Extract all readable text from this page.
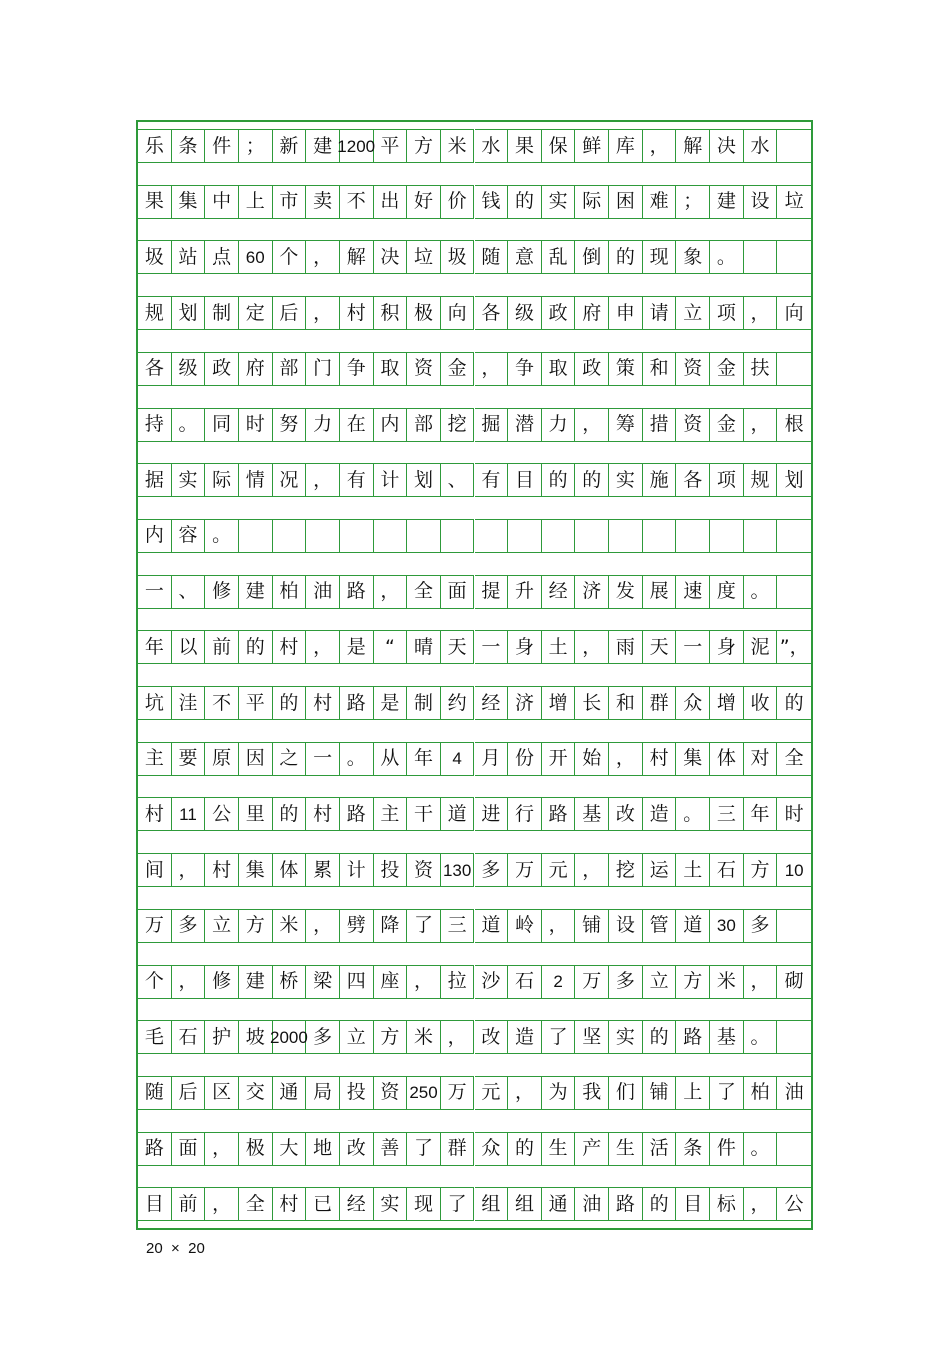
乐 条 件 ； 新 建 1200 平 方 米 水 果 保 鲜 库 ， 解 决 水
果 集 中 上 市 卖 不 出 好 价 钱 的 实 际 困 难 ； 建 设 垃
圾 站 点 60 个 ， 解 决 垃 圾 随 意 乱 倒 的 现 象 。
规 划 制 定 后 ， 村 积 极 向 各 级 政 府 申 请 立 项 ， 向
各 级 政 府 部 门 争 取 资 金 ， 争 取 政 策 和 资 金 扶
持 。 同 时 努 力 在 内 部 挖 掘 潜 力 ， 筹 措 资 金 ， 根
据 实 际 情 况 ， 有 计 划 、 有 目 的 的 实 施 各 项 规 划
内 容 。
一 、 修 建 柏 油 路 ， 全 面 提 升 经 济 发 展 速 度 。
年 以 前 的 村 ， 是	“	晴 天 一 身 土 ， 雨 天 一 身 泥 ”，
坑 洼 不 平 的 村 路 是 制 约 经 济 增 长 和 群 众 增 收 的
主 要 原 因 之 一 。 从 年	4	月 份 开 始 ， 村 集 体 对 全
村 11 公 里 的 村 路 主 干 道 进 行 路 基 改 造 。 三 年 时
间 ， 村 集 体 累 计 投 资 130 多 万 元 ， 挖 运 土 石 方 10
万 多 立 方 米 ， 劈 降 了 三 道 岭 ， 铺 设 管 道 30 多
个 ， 修 建 桥 梁 四 座 ， 拉 沙 石	2	万 多 立 方 米 ， 砌
毛 石 护 坡 2000 多 立 方 米 ， 改 造 了 坚 实 的 路 基 。
随 后 区 交 通 局 投 资 250 万 元 ， 为 我 们 铺 上 了 柏 油
路 面 ， 极 大 地 改 善 了 群 众 的 生 产 生 活 条 件 。
目 前 ， 全 村 已 经 实 现 了 组 组 通 油 路 的 目 标 ， 公
20  ×  20
